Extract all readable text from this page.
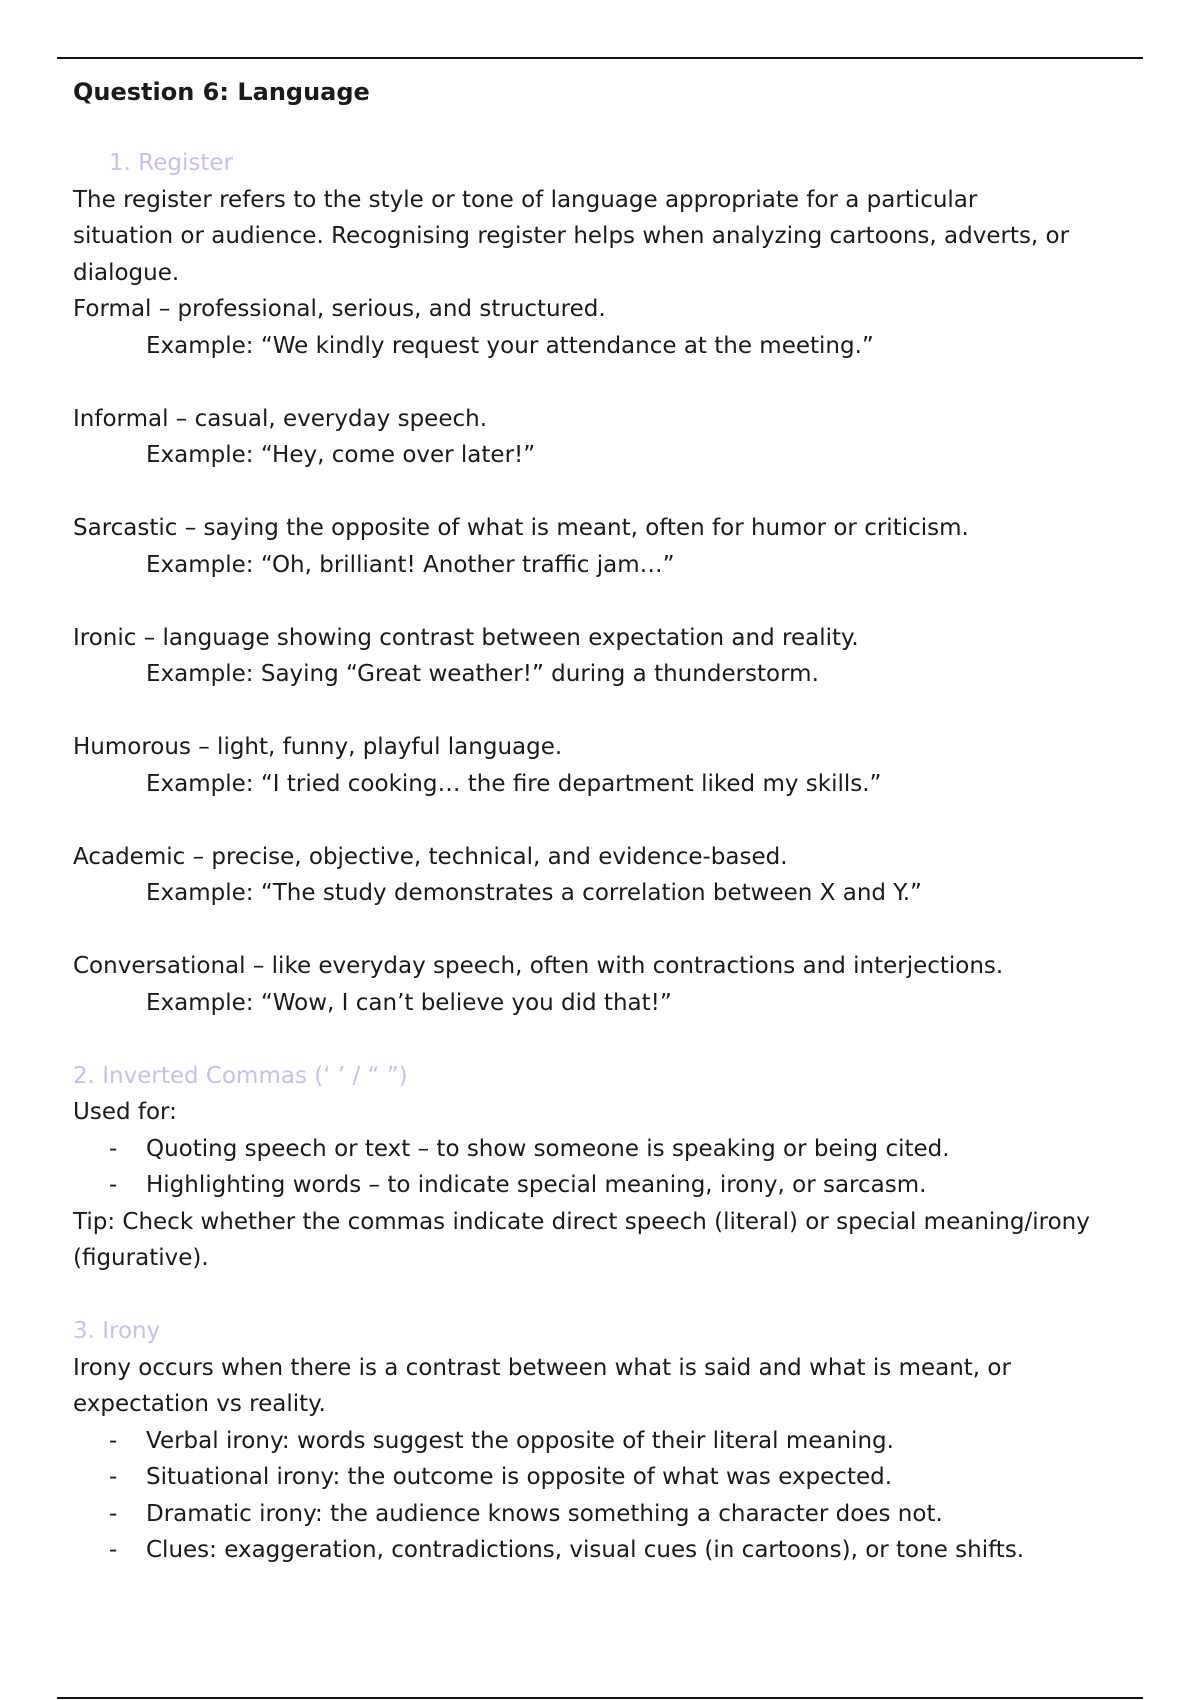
Question 6: Language
1. Register

The register refers to the style or tone of language appropriate for a particular

situation or audience. Recognising register helps when analyzing cartoons, adverts, or

dialogue.

Formal – professional, serious, and structured.

Example: “We kindly request your attendance at the meeting.”

Informal – casual, everyday speech.

Example: “Hey, come over later!”

Sarcastic – saying the opposite of what is meant, often for humor or criticism.

Example: “Oh, brilliant! Another traffic jam…”

Ironic – language showing contrast between expectation and reality.

Example: Saying “Great weather!” during a thunderstorm.

Humorous – light, funny, playful language.

Example: “I tried cooking… the fire department liked my skills.”

Academic – precise, objective, technical, and evidence-based.

Example: “The study demonstrates a correlation between X and Y.”

Conversational – like everyday speech, often with contractions and interjections.

Example: “Wow, I can’t believe you did that!”

2. Inverted Commas (‘ ’ / “ ”)

Used for:

- Quoting speech or text – to show someone is speaking or being cited.
- Highlighting words – to indicate special meaning, irony, or sarcasm.

Tip: Check whether the commas indicate direct speech (literal) or special meaning/irony

(figurative).

3. Irony

Irony occurs when there is a contrast between what is said and what is meant, or

expectation vs reality.

- Verbal irony: words suggest the opposite of their literal meaning.
- Situational irony: the outcome is opposite of what was expected.
- Dramatic irony: the audience knows something a character does not.
- Clues: exaggeration, contradictions, visual cues (in cartoons), or tone shifts.
